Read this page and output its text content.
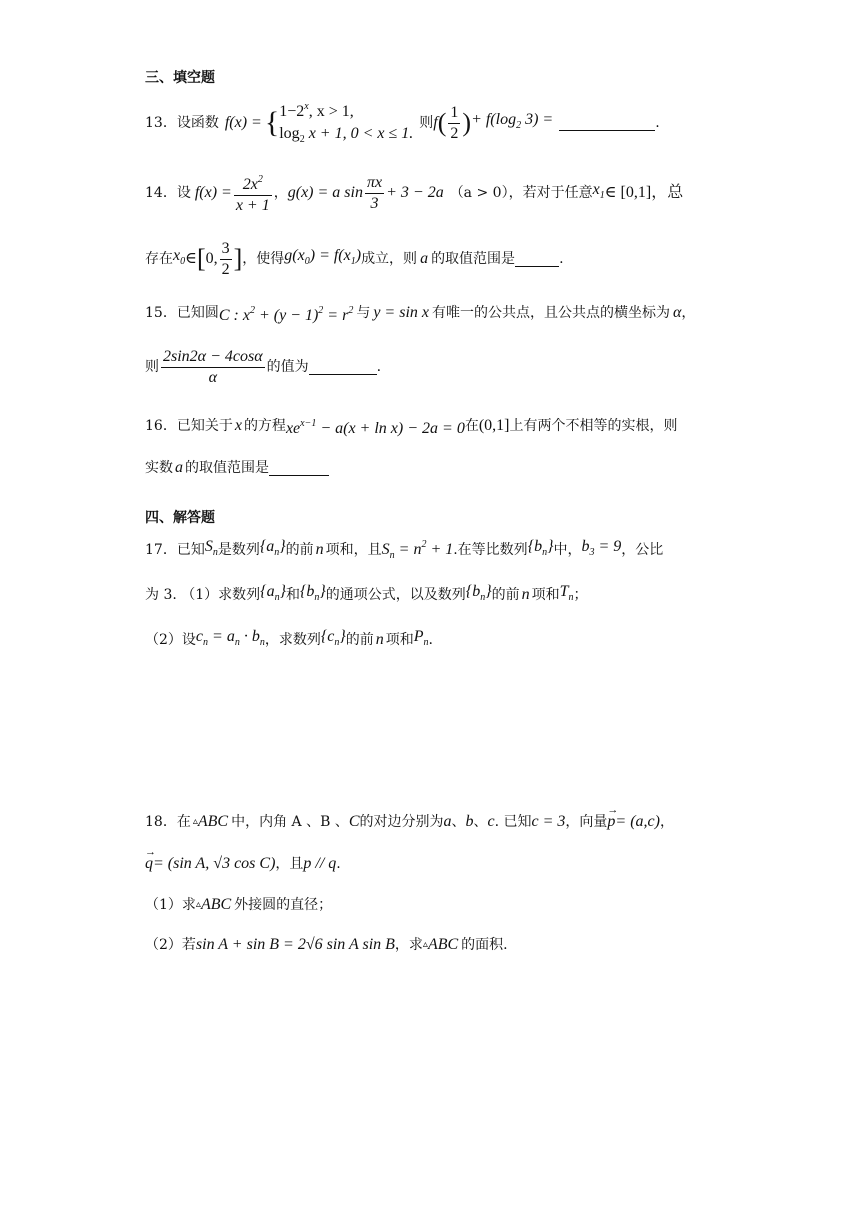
三、填空题
13．设函数 f(x) = { $1-2^x$, x > 1,
$\log_2 x + 1$, 0 < x ≤ 1.
则 f ( $\frac{1}{2}$ ) + $f(\log_2$ 3) =	.
14．设 $f(x) = \frac{2x^2}{x + 1}$ ， g(x) = a $\sin \frac{\pi x}{3} + 3 - 2a$ （a > 0），若对于任意 $x_1$ ∈ [0,1]，总
存在 $x_0$ ∈ [ 0, $\frac{3}{2}$ ] ，使得 $g(x_0) = f(x_1)$ 成立，则 a 的取值范围是	.
15．已知圆 C : $x^2 + (y - 1)^2 = r^2$ 与 y = sin x 有唯一的公共点，且公共点的横坐标为 α ，
则 $\frac{2\sin 2\alpha - 4\cos\alpha}{\alpha}$ 的值为	.
16．已知关于 x 的方程 $xe^{x-1} - a(x + \ln x) - 2a = 0$ 在 (0,1] 上有两个不相等的实根，则
实数 a 的取值范围是
四、解答题
17．已知 $S_n$ 是数列 $\{a_n\}$ 的前 n 项和，且 $S_n = n^2 + 1$ .在等比数列 $\{b_n\}$ 中， $b_3 = 9$ ，公比
为 3. （1）求数列 $\{a_n\}$ 和 $\{b_n\}$ 的通项公式，以及数列 $\{b_n\}$ 的前 n 项和 $T_n$ ；
（2）设 $c_n = a_n \cdot b_n$ ，求数列 $\{c_n\}$ 的前 n 项和 $P_n$ .
18．在 ▵ ABC 中，内角 A 、B 、 C 的对边分别为 a 、 b 、 c . 已知 c = 3 ，向量
→ p = (a,c) ，
→ q = (sin A, √3 cos C) ，且 p // q .
（1）求 ▵ ABC 外接圆的直径；
（2）若 sin A + sin B = 2√6 sin A sin B ，求 ▵ ABC 的面积.
